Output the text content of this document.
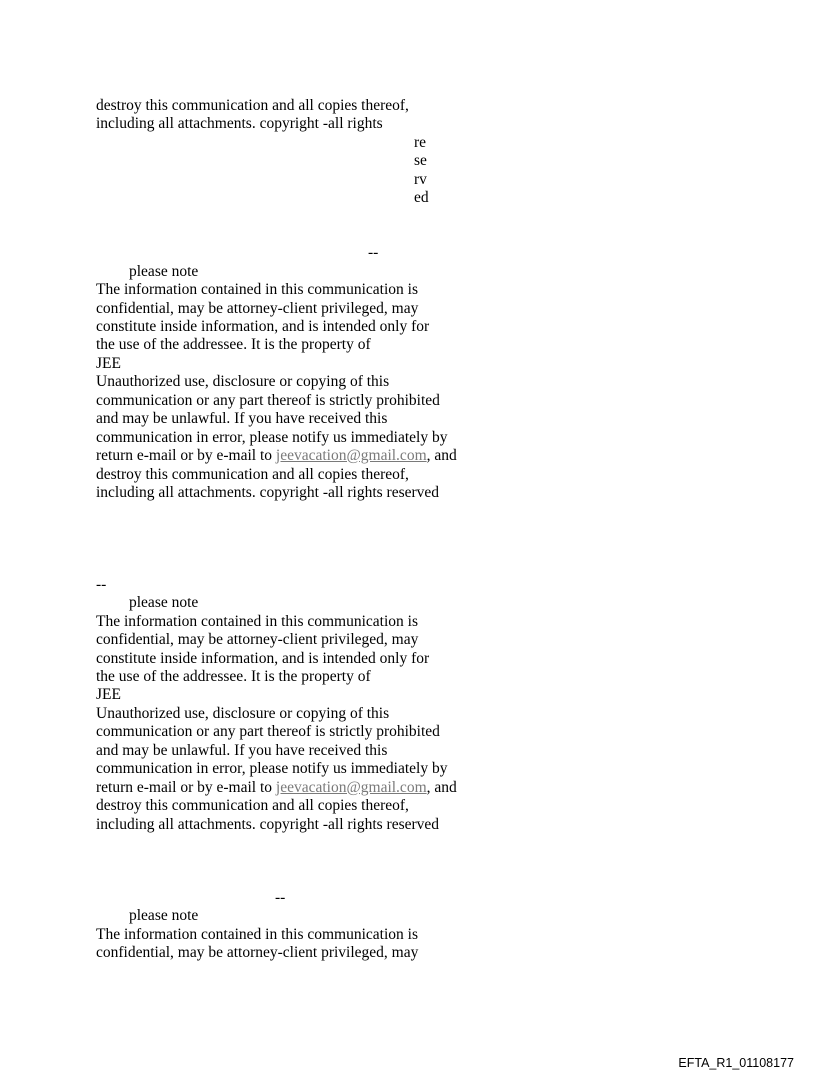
destroy this communication and all copies thereof,
including all attachments. copyright -all rights
re
se
rv
ed
--
please note
The information contained in this communication is
confidential, may be attorney-client privileged, may
constitute inside information, and is intended only for
the use of the addressee. It is the property of
JEE
Unauthorized use, disclosure or copying of this
communication or any part thereof is strictly prohibited
and may be unlawful. If you have received this
communication in error, please notify us immediately by
return e-mail or by e-mail to jeevacation@gmail.com, and
destroy this communication and all copies thereof,
including all attachments. copyright -all rights reserved
--
please note
The information contained in this communication is
confidential, may be attorney-client privileged, may
constitute inside information, and is intended only for
the use of the addressee. It is the property of
JEE
Unauthorized use, disclosure or copying of this
communication or any part thereof is strictly prohibited
and may be unlawful. If you have received this
communication in error, please notify us immediately by
return e-mail or by e-mail to jeevacation@gmail.com, and
destroy this communication and all copies thereof,
including all attachments. copyright -all rights reserved
--
please note
The information contained in this communication is
confidential, may be attorney-client privileged, may
EFTA_R1_01108177
